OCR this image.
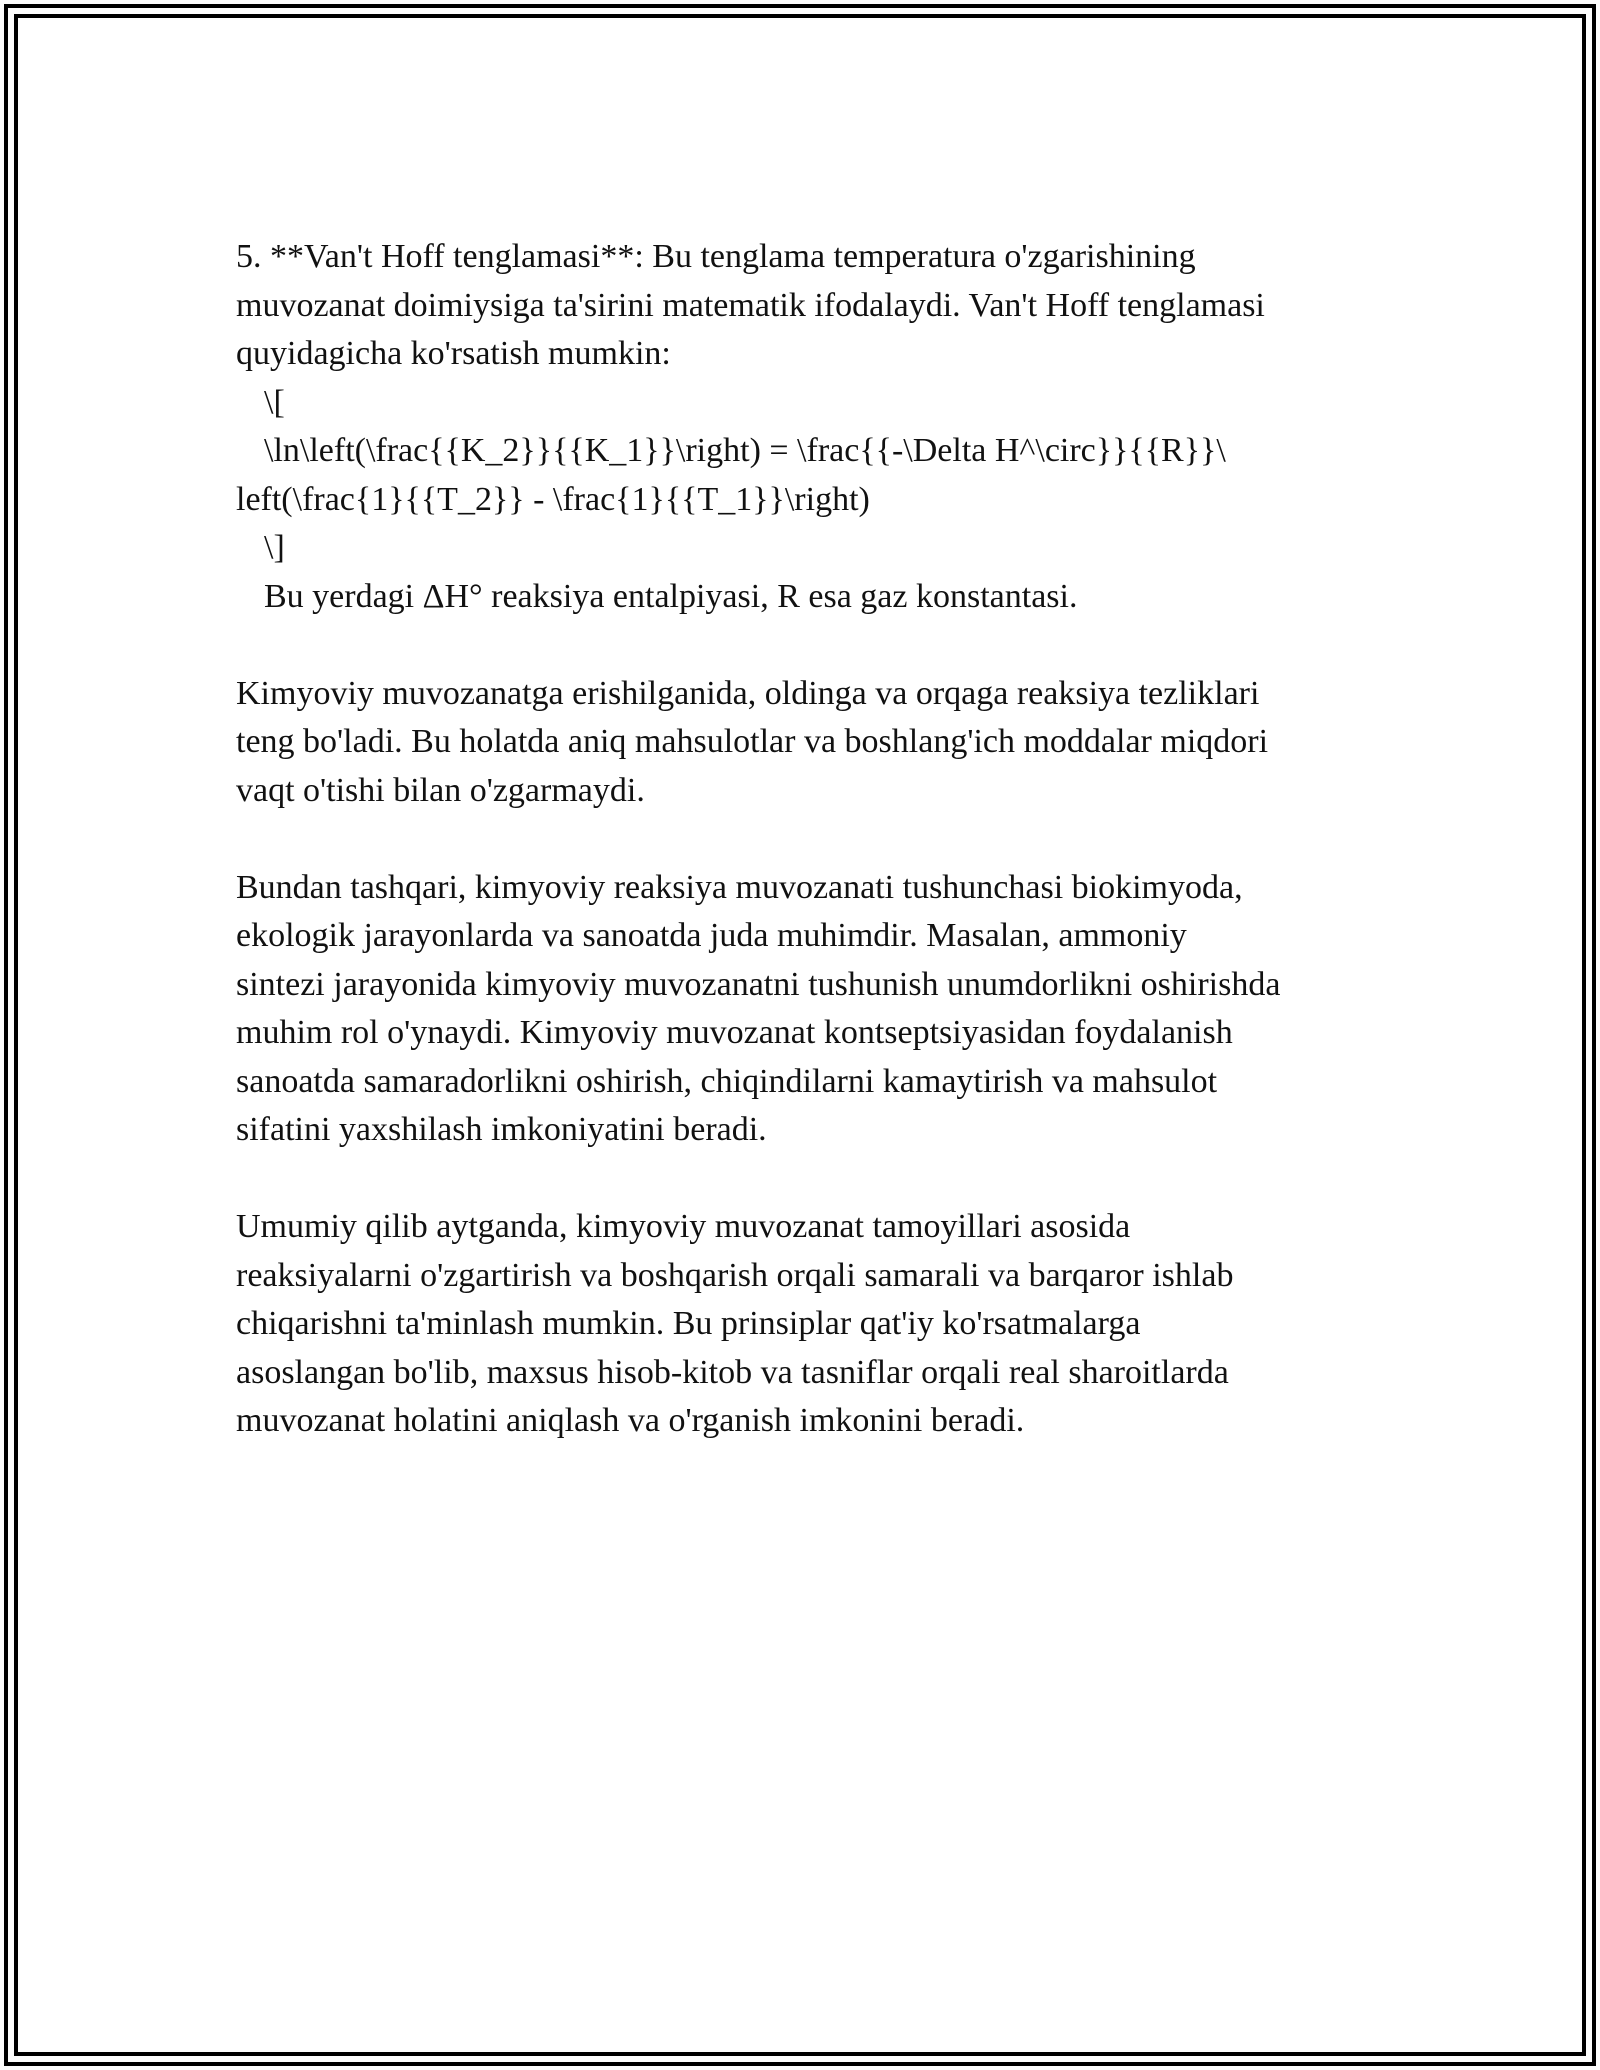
5. **Van't Hoff tenglamasi**: Bu tenglama temperatura o'zgarishining

muvozanat doimiysiga ta'sirini matematik ifodalaydi. Van't Hoff tenglamasi

quyidagicha ko'rsatish mumkin:

\[

\ln\left(\frac{{K_2}}{{K_1}}\right) = \frac{{-\Delta H^\circ}}{{R}}\

left(\frac{1}{{T_2}} - \frac{1}{{T_1}}\right)

\]

Bu yerdagi ΔH° reaksiya entalpiyasi, R esa gaz konstantasi.

Kimyoviy muvozanatga erishilganida, oldinga va orqaga reaksiya tezliklari

teng bo'ladi. Bu holatda aniq mahsulotlar va boshlang'ich moddalar miqdori

vaqt o'tishi bilan o'zgarmaydi.

Bundan tashqari, kimyoviy reaksiya muvozanati tushunchasi biokimyoda,

ekologik jarayonlarda va sanoatda juda muhimdir. Masalan, ammoniy

sintezi jarayonida kimyoviy muvozanatni tushunish unumdorlikni oshirishda

muhim rol o'ynaydi. Kimyoviy muvozanat kontseptsiyasidan foydalanish

sanoatda samaradorlikni oshirish, chiqindilarni kamaytirish va mahsulot

sifatini yaxshilash imkoniyatini beradi.

Umumiy qilib aytganda, kimyoviy muvozanat tamoyillari asosida

reaksiyalarni o'zgartirish va boshqarish orqali samarali va barqaror ishlab

chiqarishni ta'minlash mumkin. Bu prinsiplar qat'iy ko'rsatmalarga

asoslangan bo'lib, maxsus hisob-kitob va tasniflar orqali real sharoitlarda

muvozanat holatini aniqlash va o'rganish imkonini beradi.
